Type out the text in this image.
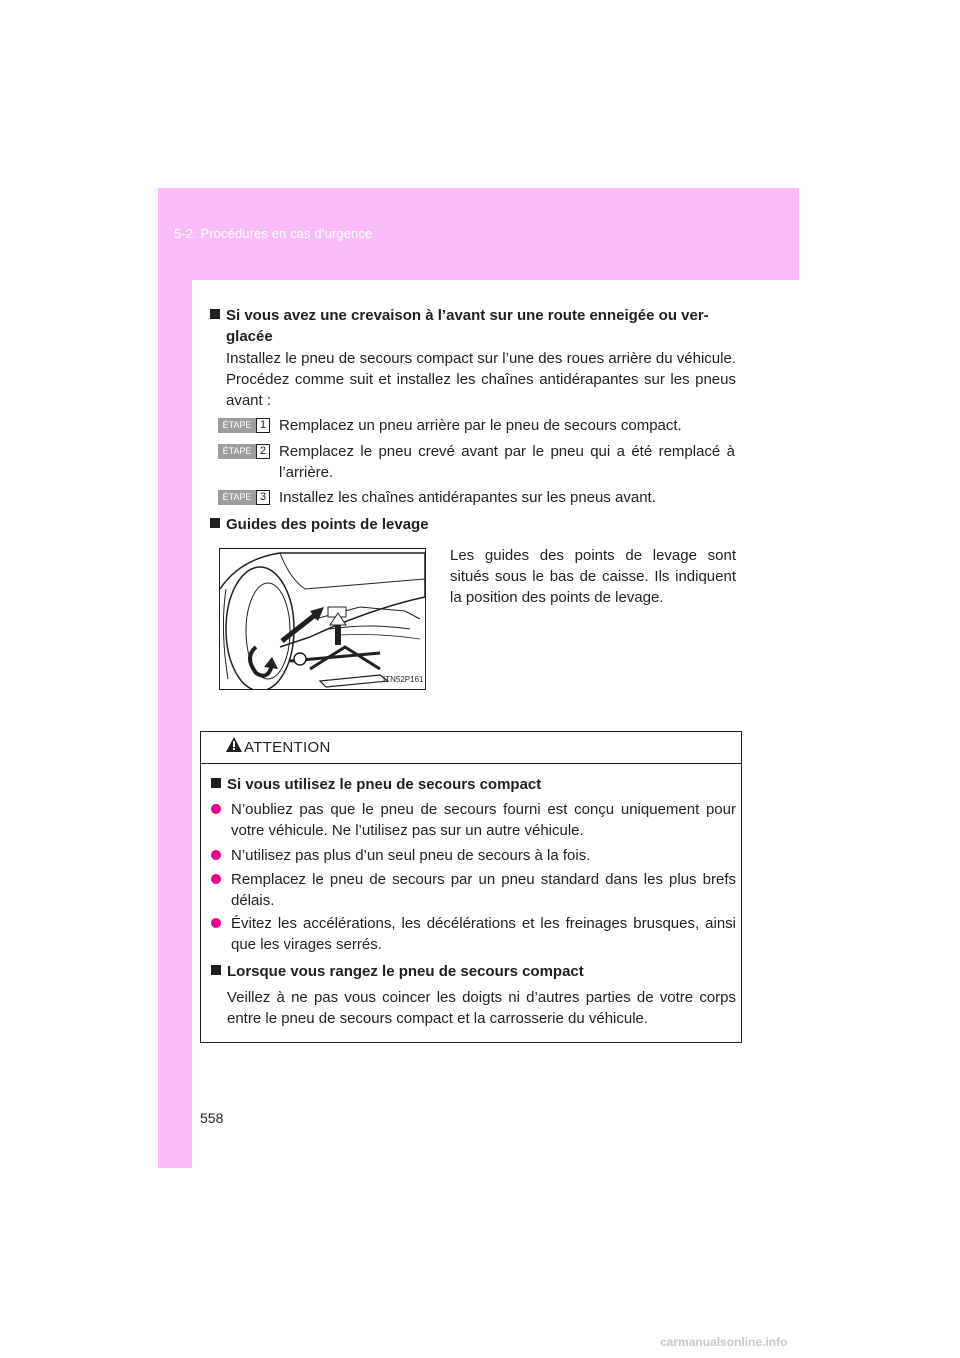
5-2. Procédures en cas d’urgence
Si vous avez une crevaison à l’avant sur une route enneigée ou ver-
glacée
Installez le pneu de secours compact sur l’une des roues arrière du véhicule. Procédez comme suit et installez les chaînes antidérapantes sur les pneus avant :
ÉTAPE 1 Remplacez un pneu arrière par le pneu de secours compact.
ÉTAPE 2 Remplacez le pneu crevé avant par le pneu qui a été remplacé à l’arrière.
ÉTAPE 3 Installez les chaînes antidérapantes sur les pneus avant.
Guides des points de levage
ITN52P161
Les guides des points de levage sont situés sous le bas de caisse. Ils indiquent la position des points de levage.
ATTENTION
Si vous utilisez le pneu de secours compact
N’oubliez pas que le pneu de secours fourni est conçu uniquement pour votre véhicule. Ne l’utilisez pas sur un autre véhicule.
N’utilisez pas plus d’un seul pneu de secours à la fois.
Remplacez le pneu de secours par un pneu standard dans les plus brefs délais.
Évitez les accélérations, les décélérations et les freinages brusques, ainsi que les virages serrés.
Lorsque vous rangez le pneu de secours compact
Veillez à ne pas vous coincer les doigts ni d’autres parties de votre corps entre le pneu de secours compact et la carrosserie du véhicule.
558
carmanualsonline.info
